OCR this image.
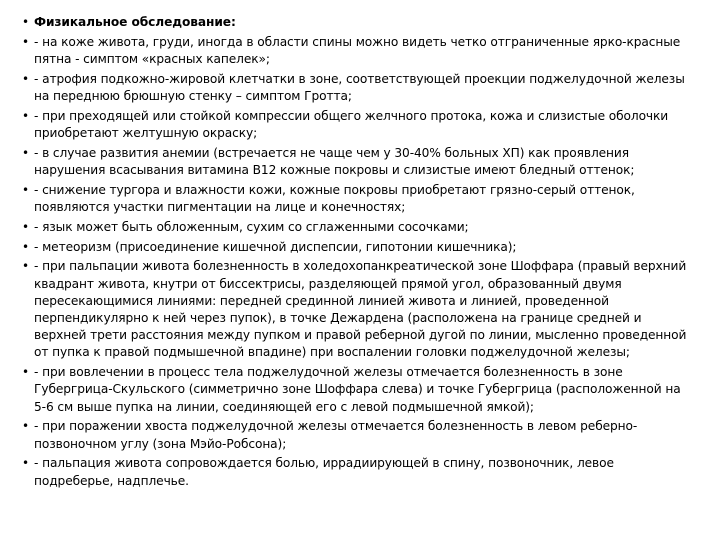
• Физикальное обследование:
• - на коже живота, груди, иногда в области спины можно видеть четко отграниченные ярко-красные пятна - симптом «красных капелек»;
• - атрофия подкожно-жировой клетчатки в зоне, соответствующей проекции поджелудочной железы на переднюю брюшную стенку – симптом Гротта;
• - при преходящей или стойкой компрессии общего желчного протока, кожа и слизистые оболочки приобретают желтушную окраску;
• - в случае развития анемии (встречается не чаще чем у 30-40% больных ХП) как проявления нарушения всасывания витамина B12 кожные покровы и слизистые имеют бледный оттенок;
• - снижение тургора и влажности кожи, кожные покровы приобретают грязно-серый оттенок, появляются участки пигментации на лице и конечностях;
• - язык может быть обложенным, сухим со сглаженными сосочками;
• - метеоризм (присоединение кишечной диспепсии, гипотонии кишечника);
• - при пальпации живота болезненность в холедохопанкреатической зоне Шоффара (правый верхний квадрант живота, кнутри от биссектрисы, разделяющей прямой угол, образованный двумя пересекающимися линиями: передней срединной линией живота и линией, проведенной перпендикулярно к ней через пупок), в точке Дежардена (расположена на границе средней и верхней трети расстояния между пупком и правой реберной дугой по линии, мысленно проведенной от пупка к правой подмышечной впадине) при воспалении головки поджелудочной железы;
• - при вовлечении в процесс тела поджелудочной железы отмечается болезненность в зоне Губергрица-Скульского (симметрично зоне Шоффара слева) и точке Губергрица (расположенной на 5-6 см выше пупка на линии, соединяющей его с левой подмышечной ямкой);
• - при поражении хвоста поджелудочной железы отмечается болезненность в левом реберно-позвоночном углу (зона Мэйо-Робсона);
• - пальпация живота сопровождается болью, иррадиирующей в спину, позвоночник, левое подреберье, надплечье.
